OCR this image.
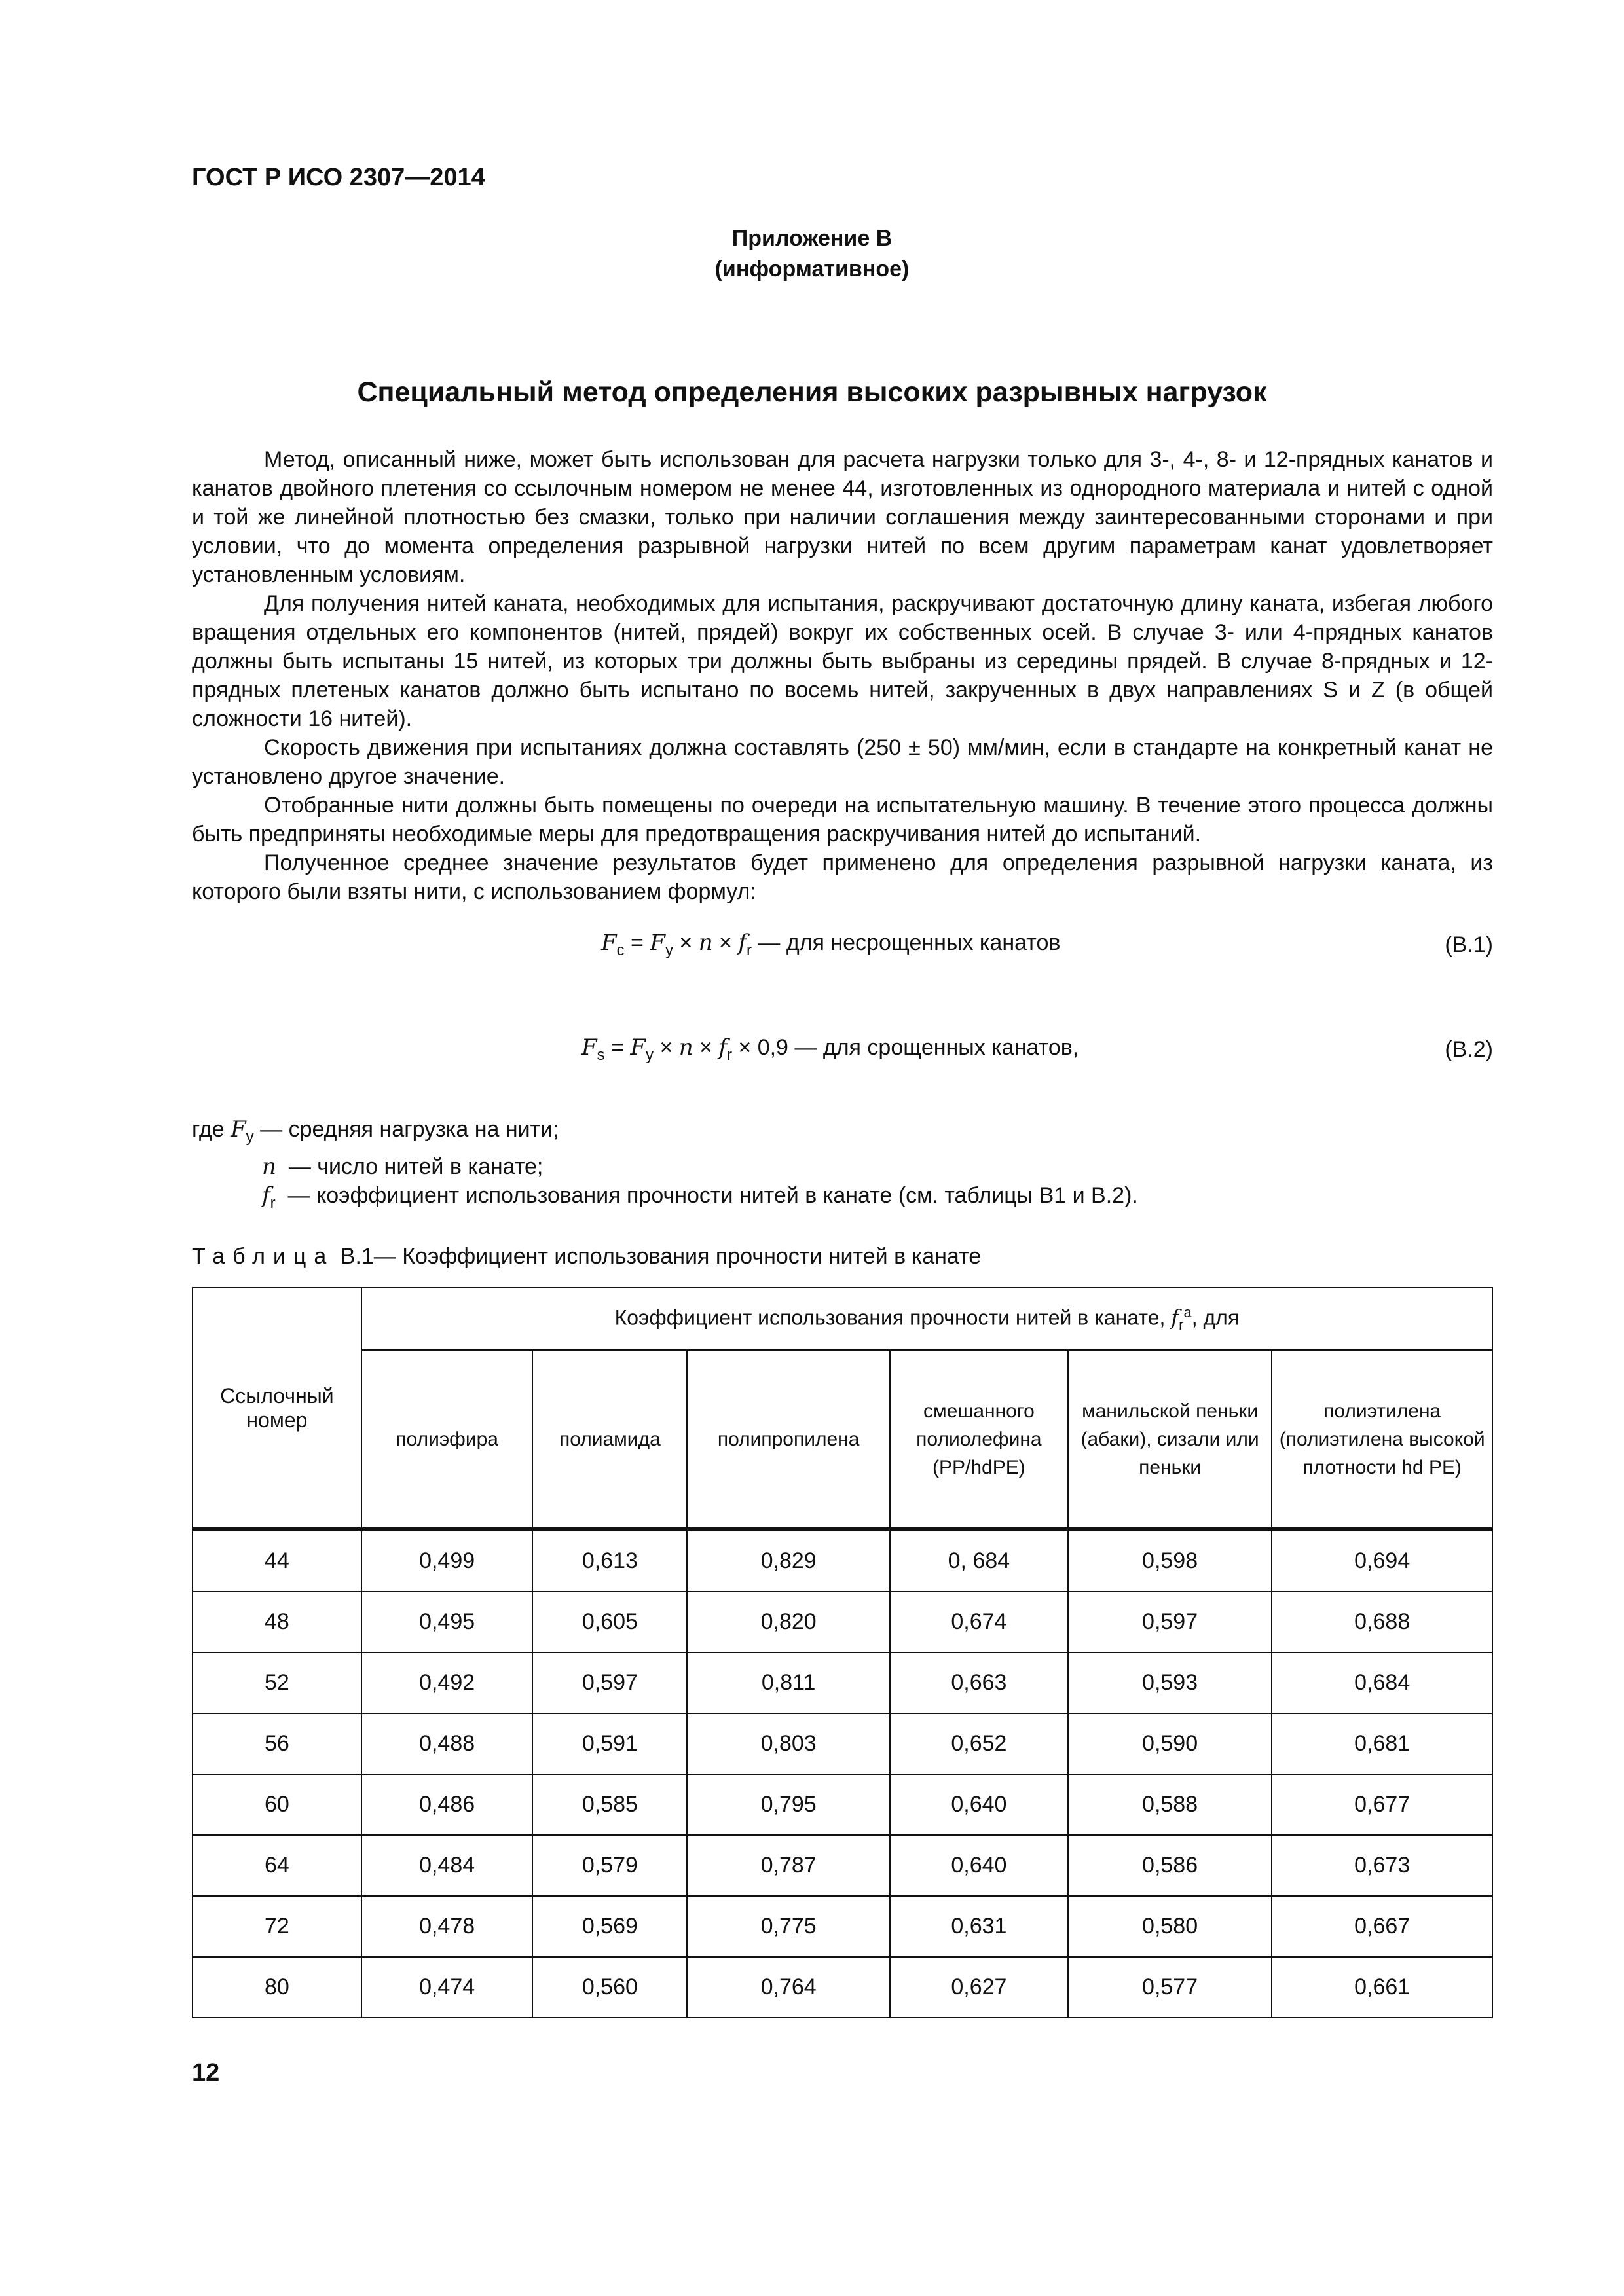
ГОСТ Р ИСО 2307—2014
Приложение В
(информативное)
Специальный метод определения высоких разрывных нагрузок

Метод, описанный ниже, может быть использован для расчета нагрузки только для 3-, 4-, 8- и 12-прядных канатов и канатов двойного плетения со ссылочным номером не менее 44, изготовленных из однородного материала и нитей с одной и той же линейной плотностью без смазки, только при наличии соглашения между заинтересованными сторонами и при условии, что до момента определения разрывной нагрузки нитей по всем другим параметрам канат удовлетворяет установленным условиям.

Для получения нитей каната, необходимых для испытания, раскручивают достаточную длину каната, избегая любого вращения отдельных его компонентов (нитей, прядей) вокруг их собственных осей. В случае 3- или 4-прядных канатов должны быть испытаны 15 нитей, из которых три должны быть выбраны из середины прядей. В случае 8-прядных и 12-прядных плетеных канатов должно быть испытано по восемь нитей, закрученных в двух направлениях S и Z (в общей сложности 16 нитей).

Скорость движения при испытаниях должна составлять (250 ± 50) мм/мин, если в стандарте на конкретный канат не установлено другое значение.

Отобранные нити должны быть помещены по очереди на испытательную машину. В течение этого процесса должны быть предприняты необходимые меры для предотвращения раскручивания нитей до испытаний.

Полученное среднее значение результатов будет применено для определения разрывной нагрузки каната, из которого были взяты нити, с использованием формул:

$F_c = F_y \times n \times f_r$ — для несрощенных канатов	(В.1)
$F_s = F_y \times n \times f_r \times 0,9$ — для срощенных канатов,	(В.2)
где $F_y$ — средняя нагрузка на нити;
n — число нитей в канате;
$f_r$ — коэффициент использования прочности нитей в канате (см. таблицы В1 и В.2).
Таблица В.1— Коэффициент использования прочности нитей в канате
Ссылочный номер	Коэффициент использования прочности нитей в канате, $f_r^a$, для					
	полиэфира	полиамида	полипропилена	смешанного полиолефина (PP/hdPE)	манильской пеньки (абаки), сизали или пеньки	полиэтилена (полиэтилена высокой плотности hd PE)
44	0,499	0,613	0,829	0, 684	0,598	0,694
48	0,495	0,605	0,820	0,674	0,597	0,688
52	0,492	0,597	0,811	0,663	0,593	0,684
56	0,488	0,591	0,803	0,652	0,590	0,681
60	0,486	0,585	0,795	0,640	0,588	0,677
64	0,484	0,579	0,787	0,640	0,586	0,673
72	0,478	0,569	0,775	0,631	0,580	0,667
80	0,474	0,560	0,764	0,627	0,577	0,661
12
